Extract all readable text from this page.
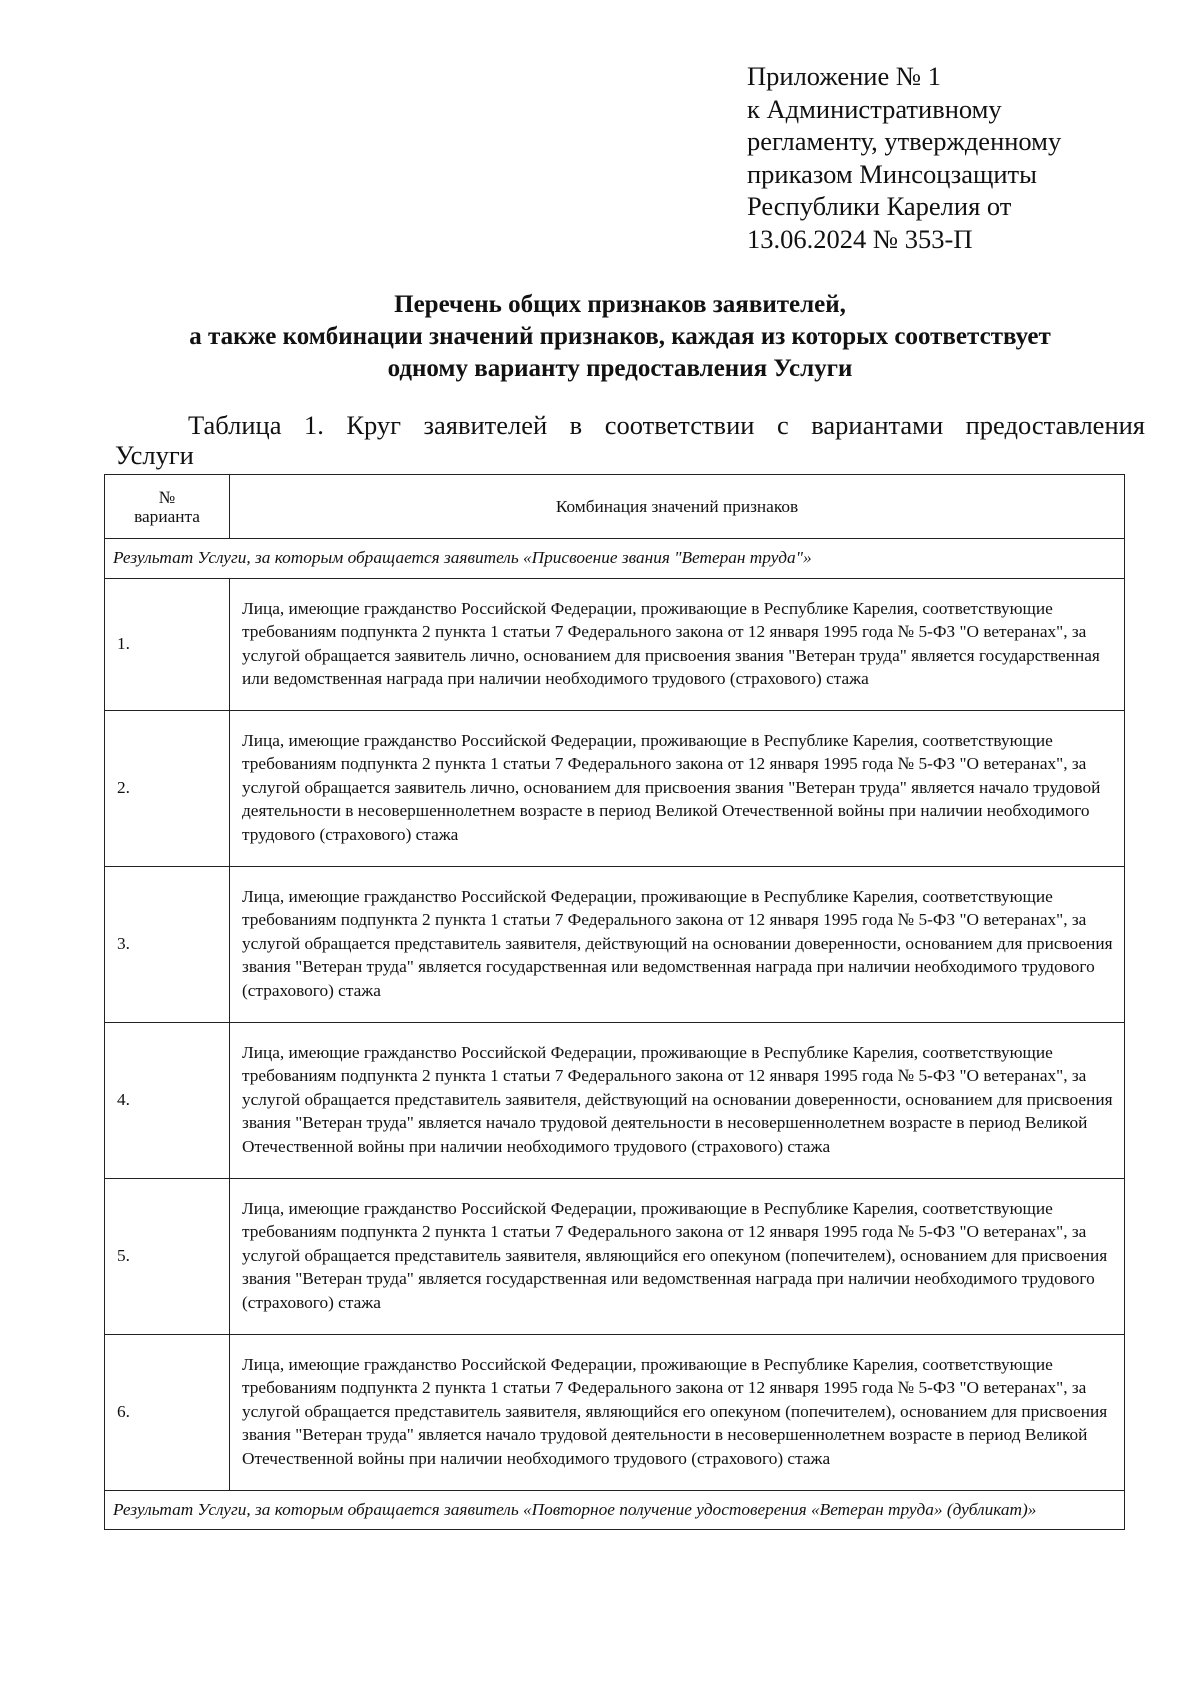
Приложение № 1
к Административному
регламенту, утвержденному
приказом Минсоцзащиты
Республики Карелия от
13.06.2024 № 353-П
Перечень общих признаков заявителей,
а также комбинации значений признаков, каждая из которых соответствует
одному варианту предоставления Услуги
Таблица 1. Круг заявителей в соответствии с вариантами предоставления
Услуги
№
варианта	Комбинация значений признаков
Результат Услуги, за которым обращается заявитель «Присвоение звания "Ветеран труда"»	
1.	Лица, имеющие гражданство Российской Федерации, проживающие в Республике Карелия, соответствующие требованиям подпункта 2 пункта 1 статьи 7 Федерального закона от 12 января 1995 года № 5-ФЗ "О ветеранах", за услугой обращается заявитель лично, основанием для присвоения звания "Ветеран труда" является государственная или ведомственная награда при наличии необходимого трудового (страхового) стажа
2.	Лица, имеющие гражданство Российской Федерации, проживающие в Республике Карелия, соответствующие требованиям подпункта 2 пункта 1 статьи 7 Федерального закона от 12 января 1995 года № 5-ФЗ "О ветеранах", за услугой обращается заявитель лично, основанием для присвоения звания "Ветеран труда" является начало трудовой деятельности в несовершеннолетнем возрасте в период Великой Отечественной войны при наличии необходимого трудового (страхового) стажа
3.	Лица, имеющие гражданство Российской Федерации, проживающие в Республике Карелия, соответствующие требованиям подпункта 2 пункта 1 статьи 7 Федерального закона от 12 января 1995 года № 5-ФЗ "О ветеранах", за услугой обращается представитель заявителя, действующий на основании доверенности, основанием для присвоения звания "Ветеран труда" является государственная или ведомственная награда при наличии необходимого трудового (страхового) стажа
4.	Лица, имеющие гражданство Российской Федерации, проживающие в Республике Карелия, соответствующие требованиям подпункта 2 пункта 1 статьи 7 Федерального закона от 12 января 1995 года № 5-ФЗ "О ветеранах", за услугой обращается представитель заявителя, действующий на основании доверенности, основанием для присвоения звания "Ветеран труда" является начало трудовой деятельности в несовершеннолетнем возрасте в период Великой Отечественной войны при наличии необходимого трудового (страхового) стажа
5.	Лица, имеющие гражданство Российской Федерации, проживающие в Республике Карелия, соответствующие требованиям подпункта 2 пункта 1 статьи 7 Федерального закона от 12 января 1995 года № 5-ФЗ "О ветеранах", за услугой обращается представитель заявителя, являющийся его опекуном (попечителем), основанием для присвоения звания "Ветеран труда" является государственная или ведомственная награда при наличии необходимого трудового (страхового) стажа
6.	Лица, имеющие гражданство Российской Федерации, проживающие в Республике Карелия, соответствующие требованиям подпункта 2 пункта 1 статьи 7 Федерального закона от 12 января 1995 года № 5-ФЗ "О ветеранах", за услугой обращается представитель заявителя, являющийся его опекуном (попечителем), основанием для присвоения звания "Ветеран труда" является начало трудовой деятельности в несовершеннолетнем возрасте в период Великой Отечественной войны при наличии необходимого трудового (страхового) стажа
Результат Услуги, за которым обращается заявитель «Повторное получение удостоверения «Ветеран труда» (дубликат)»	
